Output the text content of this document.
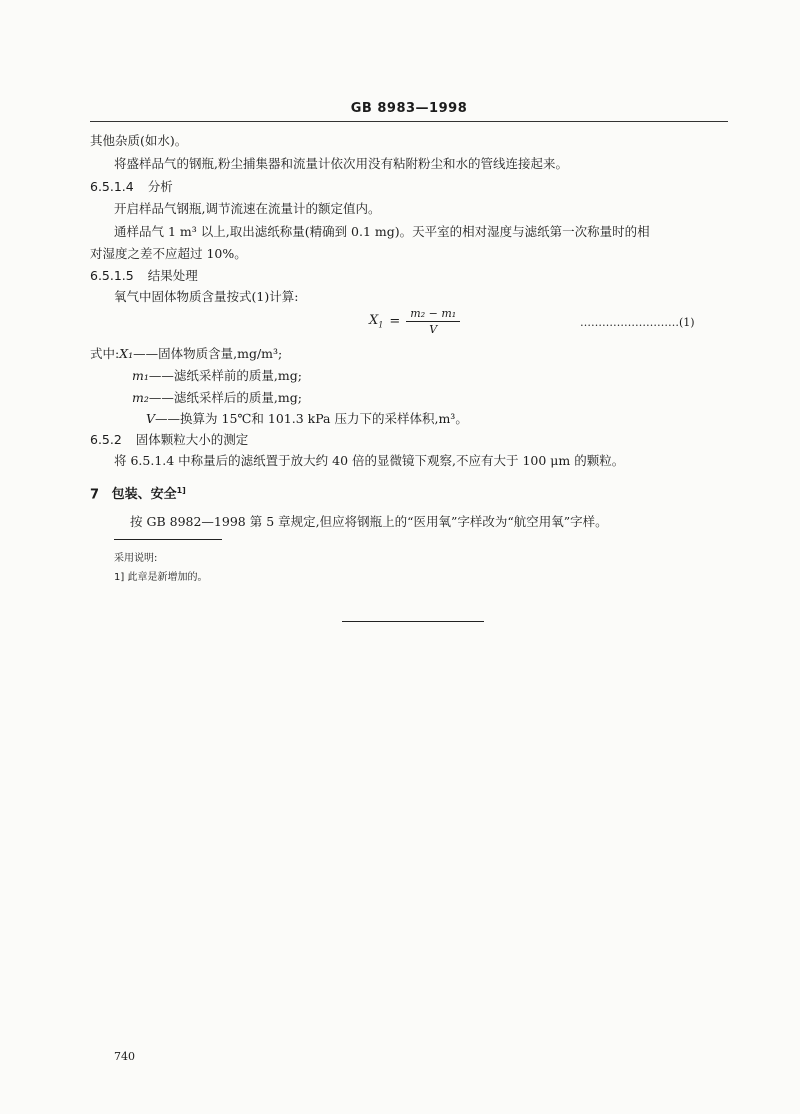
GB 8983—1998
其他杂质(如水)。
将盛样品气的钢瓶,粉尘捕集器和流量计依次用没有粘附粉尘和水的管线连接起来。
6.5.1.4 分析
开启样品气钢瓶,调节流速在流量计的额定值内。
通样品气 1 m³ 以上,取出滤纸称量(精确到 0.1 mg)。天平室的相对湿度与滤纸第一次称量时的相
对湿度之差不应超过 10%。
6.5.1.5 结果处理
氧气中固体物质含量按式(1)计算:
$X_1 = \frac{\text{m₂ − m₁}}{V}$	………………………(1)
式中:X₁——固体物质含量,mg/m³;
m₁——滤纸采样前的质量,mg;
m₂——滤纸采样后的质量,mg;
V——换算为 15℃和 101.3 kPa 压力下的采样体积,m³。
6.5.2 固体颗粒大小的测定
将 6.5.1.4 中称量后的滤纸置于放大约 40 倍的显微镜下观察,不应有大于 100 μm 的颗粒。
7 包装、安全$^{1]}$
按 GB 8982—1998 第 5 章规定,但应将钢瓶上的“医用氧”字样改为“航空用氧”字样。
采用说明:
1] 此章是新增加的。
740
